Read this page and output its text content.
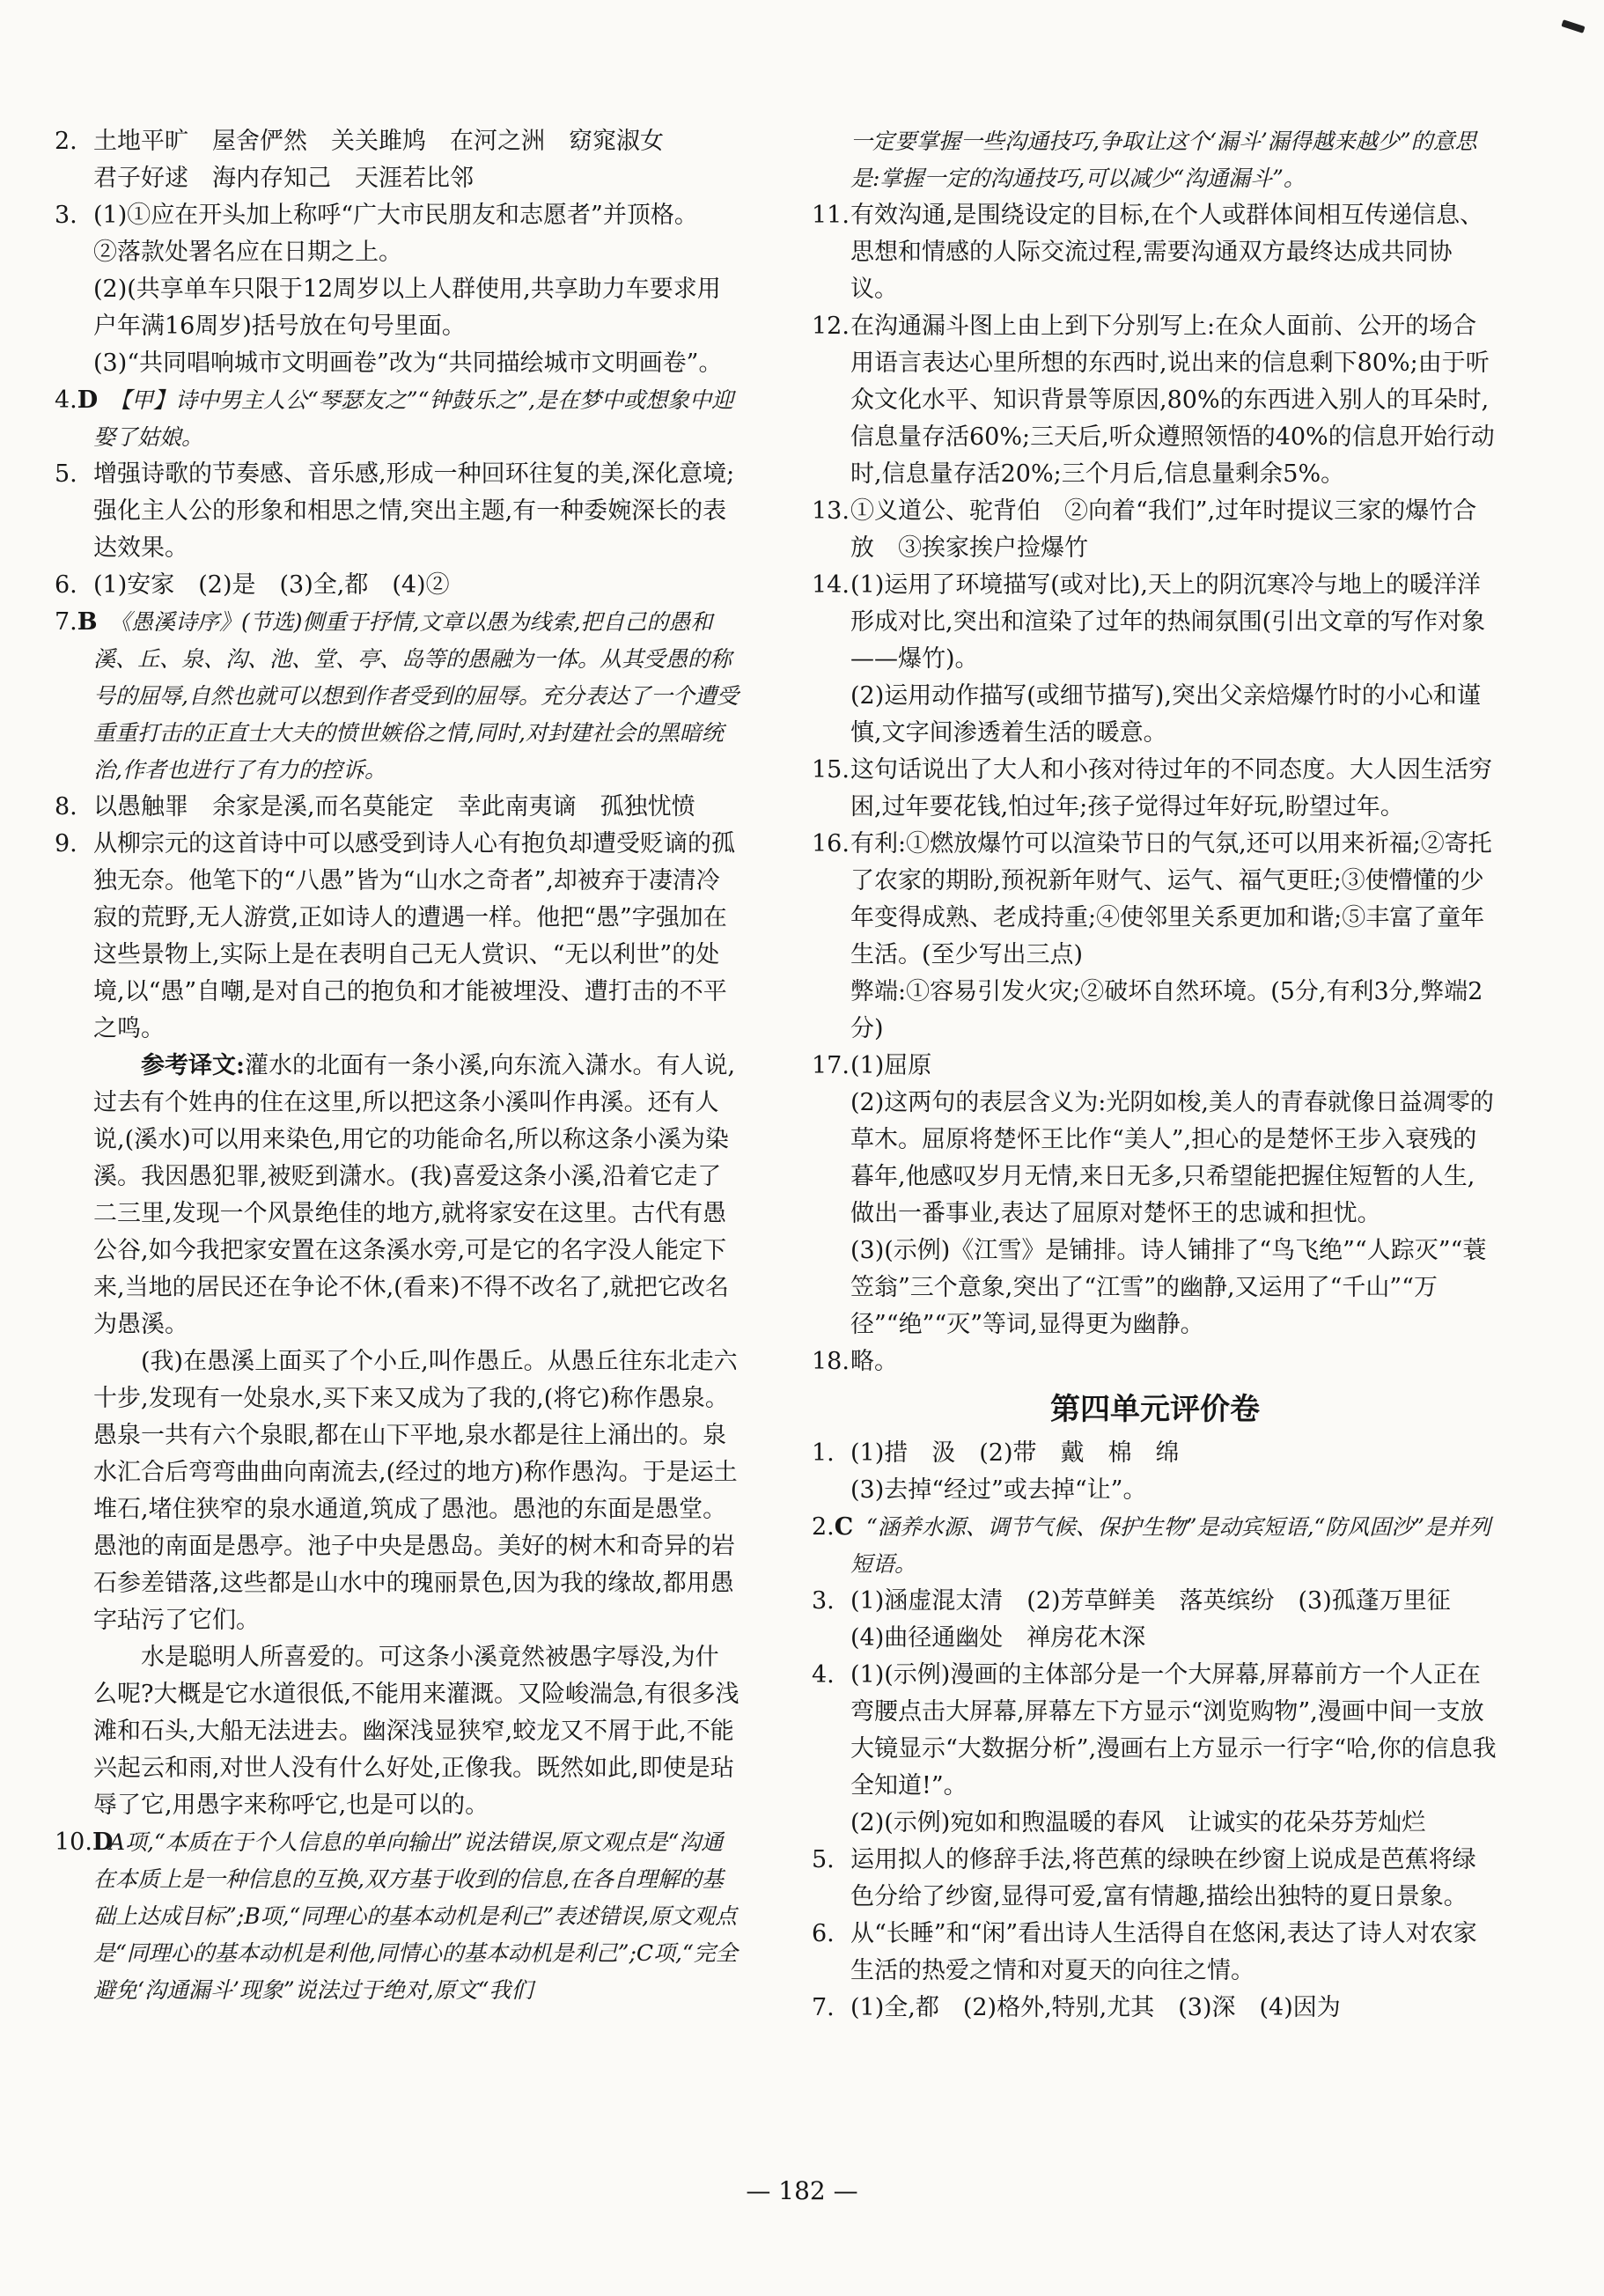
2. 土地平旷　屋舍俨然　关关雎鸠　在河之洲　窈窕淑女
君子好逑　海内存知己　天涯若比邻
3. (1)①应在开头加上称呼“广大市民朋友和志愿者”并顶格。
②落款处署名应在日期之上。
(2)(共享单车只限于12周岁以上人群使用,共享助力车要求用户年满16周岁)括号放在句号里面。
(3)“共同唱响城市文明画卷”改为“共同描绘城市文明画卷”。
4.D 【甲】诗中男主人公“琴瑟友之”“钟鼓乐之”,是在梦中或想象中迎娶了姑娘。
5. 增强诗歌的节奏感、音乐感,形成一种回环往复的美,深化意境;强化主人公的形象和相思之情,突出主题,有一种委婉深长的表达效果。
6. (1)安家　(2)是　(3)全,都　(4)②
7.B 《愚溪诗序》(节选)侧重于抒情,文章以愚为线索,把自己的愚和溪、丘、泉、沟、池、堂、亭、岛等的愚融为一体。从其受愚的称号的屈辱,自然也就可以想到作者受到的屈辱。充分表达了一个遭受重重打击的正直士大夫的愤世嫉俗之情,同时,对封建社会的黑暗统治,作者也进行了有力的控诉。
8. 以愚触罪　余家是溪,而名莫能定　幸此南夷谪　孤独忧愤
9. 从柳宗元的这首诗中可以感受到诗人心有抱负却遭受贬谪的孤独无奈。他笔下的“八愚”皆为“山水之奇者”,却被弃于凄清冷寂的荒野,无人游赏,正如诗人的遭遇一样。他把“愚”字强加在这些景物上,实际上是在表明自己无人赏识、“无以利世”的处境,以“愚”自嘲,是对自己的抱负和才能被埋没、遭打击的不平之鸣。
参考译文:灌水的北面有一条小溪,向东流入潇水。有人说,过去有个姓冉的住在这里,所以把这条小溪叫作冉溪。还有人说,(溪水)可以用来染色,用它的功能命名,所以称这条小溪为染溪。我因愚犯罪,被贬到潇水。(我)喜爱这条小溪,沿着它走了二三里,发现一个风景绝佳的地方,就将家安在这里。古代有愚公谷,如今我把家安置在这条溪水旁,可是它的名字没人能定下来,当地的居民还在争论不休,(看来)不得不改名了,就把它改名为愚溪。
(我)在愚溪上面买了个小丘,叫作愚丘。从愚丘往东北走六十步,发现有一处泉水,买下来又成为了我的,(将它)称作愚泉。愚泉一共有六个泉眼,都在山下平地,泉水都是往上涌出的。泉水汇合后弯弯曲曲向南流去,(经过的地方)称作愚沟。于是运土堆石,堵住狭窄的泉水通道,筑成了愚池。愚池的东面是愚堂。愚池的南面是愚亭。池子中央是愚岛。美好的树木和奇异的岩石参差错落,这些都是山水中的瑰丽景色,因为我的缘故,都用愚字玷污了它们。
水是聪明人所喜爱的。可这条小溪竟然被愚字辱没,为什么呢?大概是它水道很低,不能用来灌溉。又险峻湍急,有很多浅滩和石头,大船无法进去。幽深浅显狭窄,蛟龙又不屑于此,不能兴起云和雨,对世人没有什么好处,正像我。既然如此,即使是玷辱了它,用愚字来称呼它,也是可以的。
10.D
A项,“本质在于个人信息的单向输出”说法错误,原文观点是“沟通在本质上是一种信息的互换,双方基于收到的信息,在各自理解的基础上达成目标”;B项,“同理心的基本动机是利己”表述错误,原文观点是“同理心的基本动机是利他,同情心的基本动机是利己”;C项,“完全避免‘沟通漏斗’现象”说法过于绝对,原文“我们
一定要掌握一些沟通技巧,争取让这个‘漏斗’漏得越来越少”的意思是:掌握一定的沟通技巧,可以减少“沟通漏斗”。
11. 有效沟通,是围绕设定的目标,在个人或群体间相互传递信息、思想和情感的人际交流过程,需要沟通双方最终达成共同协议。
12. 在沟通漏斗图上由上到下分别写上:在众人面前、公开的场合用语言表达心里所想的东西时,说出来的信息剩下80%;由于听众文化水平、知识背景等原因,80%的东西进入别人的耳朵时,信息量存活60%;三天后,听众遵照领悟的40%的信息开始行动时,信息量存活20%;三个月后,信息量剩余5%。
13. ①义道公、驼背伯　②向着“我们”,过年时提议三家的爆竹合放　③挨家挨户捡爆竹
14. (1)运用了环境描写(或对比),天上的阴沉寒冷与地上的暖洋洋形成对比,突出和渲染了过年的热闹氛围(引出文章的写作对象——爆竹)。
(2)运用动作描写(或细节描写),突出父亲焙爆竹时的小心和谨慎,文字间渗透着生活的暖意。
15. 这句话说出了大人和小孩对待过年的不同态度。大人因生活穷困,过年要花钱,怕过年;孩子觉得过年好玩,盼望过年。
16. 有利:①燃放爆竹可以渲染节日的气氛,还可以用来祈福;②寄托了农家的期盼,预祝新年财气、运气、福气更旺;③使懵懂的少年变得成熟、老成持重;④使邻里关系更加和谐;⑤丰富了童年生活。(至少写出三点)
弊端:①容易引发火灾;②破坏自然环境。(5分,有利3分,弊端2分)
17. (1)屈原
(2)这两句的表层含义为:光阴如梭,美人的青春就像日益凋零的草木。屈原将楚怀王比作“美人”,担心的是楚怀王步入衰残的暮年,他感叹岁月无情,来日无多,只希望能把握住短暂的人生,做出一番事业,表达了屈原对楚怀王的忠诚和担忧。
(3)(示例)《江雪》是铺排。诗人铺排了“鸟飞绝”“人踪灭”“蓑笠翁”三个意象,突出了“江雪”的幽静,又运用了“千山”“万径”“绝”“灭”等词,显得更为幽静。
18. 略。
第四单元评价卷
1. (1)措　汲　(2)带　戴　棉　绵
(3)去掉“经过”或去掉“让”。
2.C “涵养水源、调节气候、保护生物”是动宾短语,“防风固沙”是并列短语。
3. (1)涵虚混太清　(2)芳草鲜美　落英缤纷　(3)孤蓬万里征　(4)曲径通幽处　禅房花木深
4. (1)(示例)漫画的主体部分是一个大屏幕,屏幕前方一个人正在弯腰点击大屏幕,屏幕左下方显示“浏览购物”,漫画中间一支放大镜显示“大数据分析”,漫画右上方显示一行字“哈,你的信息我全知道!”。
(2)(示例)宛如和煦温暖的春风　让诚实的花朵芬芳灿烂
5. 运用拟人的修辞手法,将芭蕉的绿映在纱窗上说成是芭蕉将绿色分给了纱窗,显得可爱,富有情趣,描绘出独特的夏日景象。
6. 从“长睡”和“闲”看出诗人生活得自在悠闲,表达了诗人对农家生活的热爱之情和对夏天的向往之情。
7. (1)全,都　(2)格外,特别,尤其　(3)深　(4)因为
— 182 —
